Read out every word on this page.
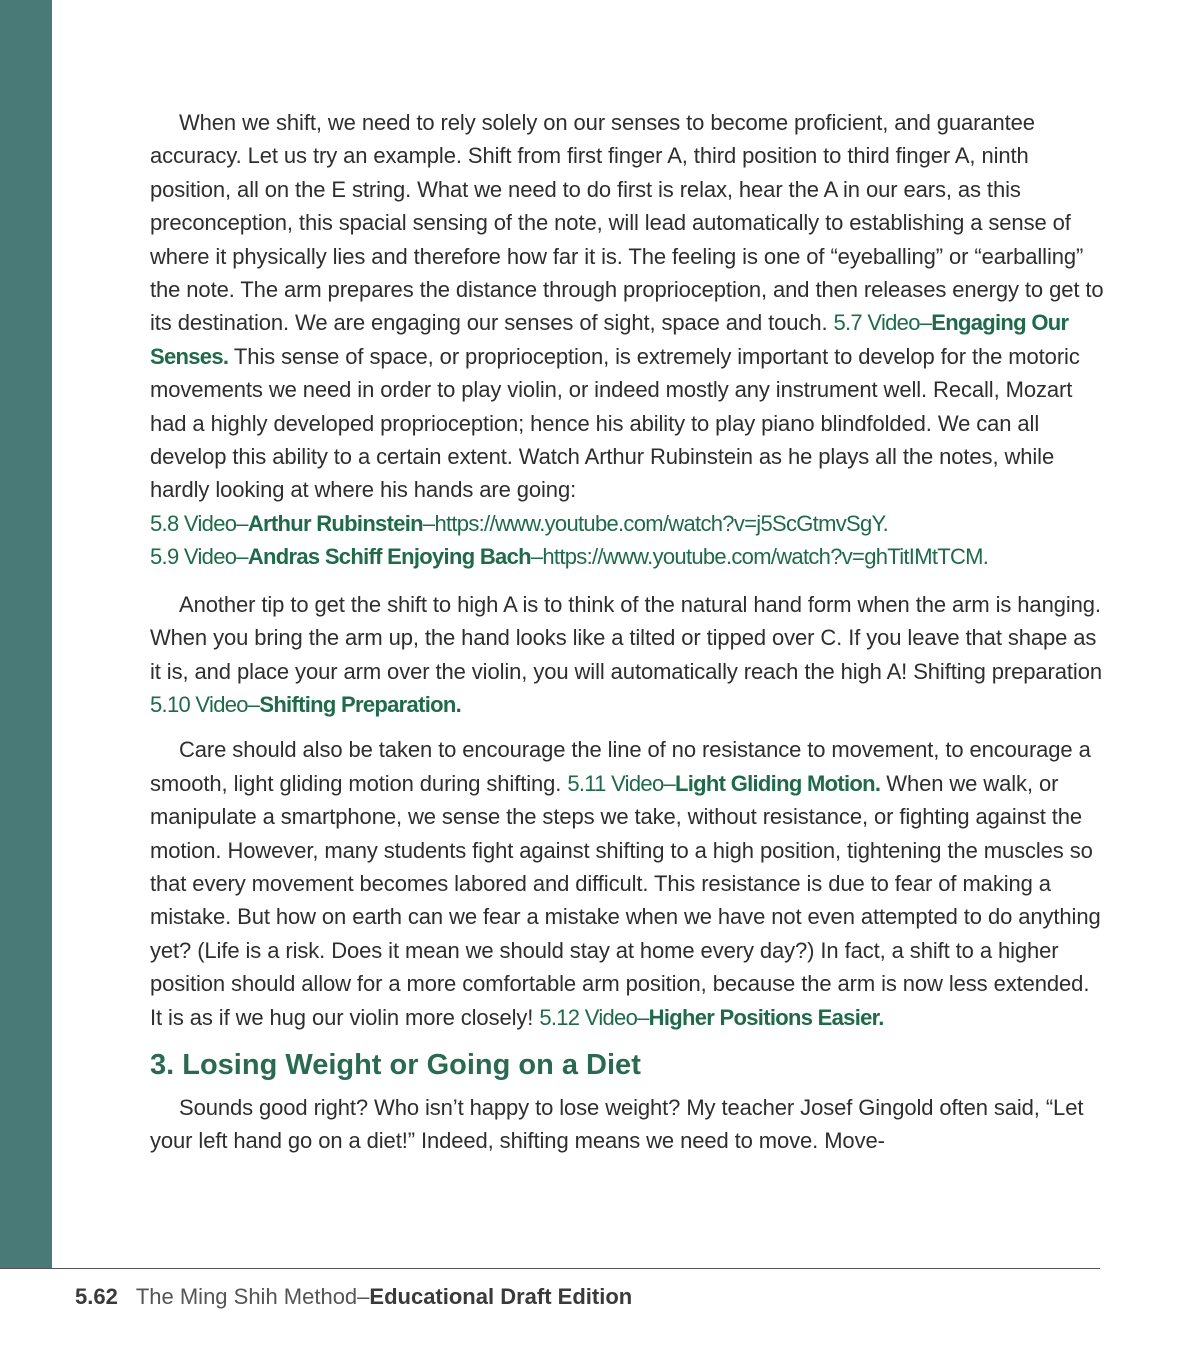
When we shift, we need to rely solely on our senses to become proficient, and guarantee accuracy. Let us try an example. Shift from first finger A, third position to third finger A, ninth position, all on the E string. What we need to do first is relax, hear the A in our ears, as this preconception, this spacial sensing of the note, will lead automatically to establishing a sense of where it physically lies and therefore how far it is. The feeling is one of “eyeballing” or “earballing” the note. The arm prepares the distance through proprioception, and then releases energy to get to its destination. We are engaging our senses of sight, space and touch. 5.7 Video–Engaging Our Senses. This sense of space, or proprioception, is extremely important to develop for the motoric movements we need in order to play violin, or indeed mostly any instrument well. Recall, Mozart had a highly developed proprioception; hence his ability to play piano blindfolded. We can all develop this ability to a certain extent. Watch Arthur Rubinstein as he plays all the notes, while hardly looking at where his hands are going:

5.8 Video–Arthur Rubinstein–https://www.youtube.com/watch?v=j5ScGtmvSgY.
5.9 Video–Andras Schiff Enjoying Bach–https://www.youtube.com/watch?v=ghTitIMtTCM.

Another tip to get the shift to high A is to think of the natural hand form when the arm is hanging. When you bring the arm up, the hand looks like a tilted or tipped over C. If you leave that shape as it is, and place your arm over the violin, you will automatically reach the high A! Shifting preparation 5.10 Video–Shifting Preparation.

Care should also be taken to encourage the line of no resistance to movement, to encourage a smooth, light gliding motion during shifting. 5.11 Video–Light Gliding Motion. When we walk, or manipulate a smartphone, we sense the steps we take, without resistance, or fighting against the motion. However, many students fight against shifting to a high position, tightening the muscles so that every movement becomes labored and difficult. This resistance is due to fear of making a mistake. But how on earth can we fear a mistake when we have not even attempted to do anything yet? (Life is a risk. Does it mean we should stay at home every day?) In fact, a shift to a higher position should allow for a more comfortable arm position, because the arm is now less extended. It is as if we hug our violin more closely! 5.12 Video–Higher Positions Easier.

3. Losing Weight or Going on a Diet

Sounds good right? Who isn’t happy to lose weight? My teacher Josef Gingold often said, “Let your left hand go on a diet!” Indeed, shifting means we need to move. Move-

5.62 The Ming Shih Method–Educational Draft Edition
